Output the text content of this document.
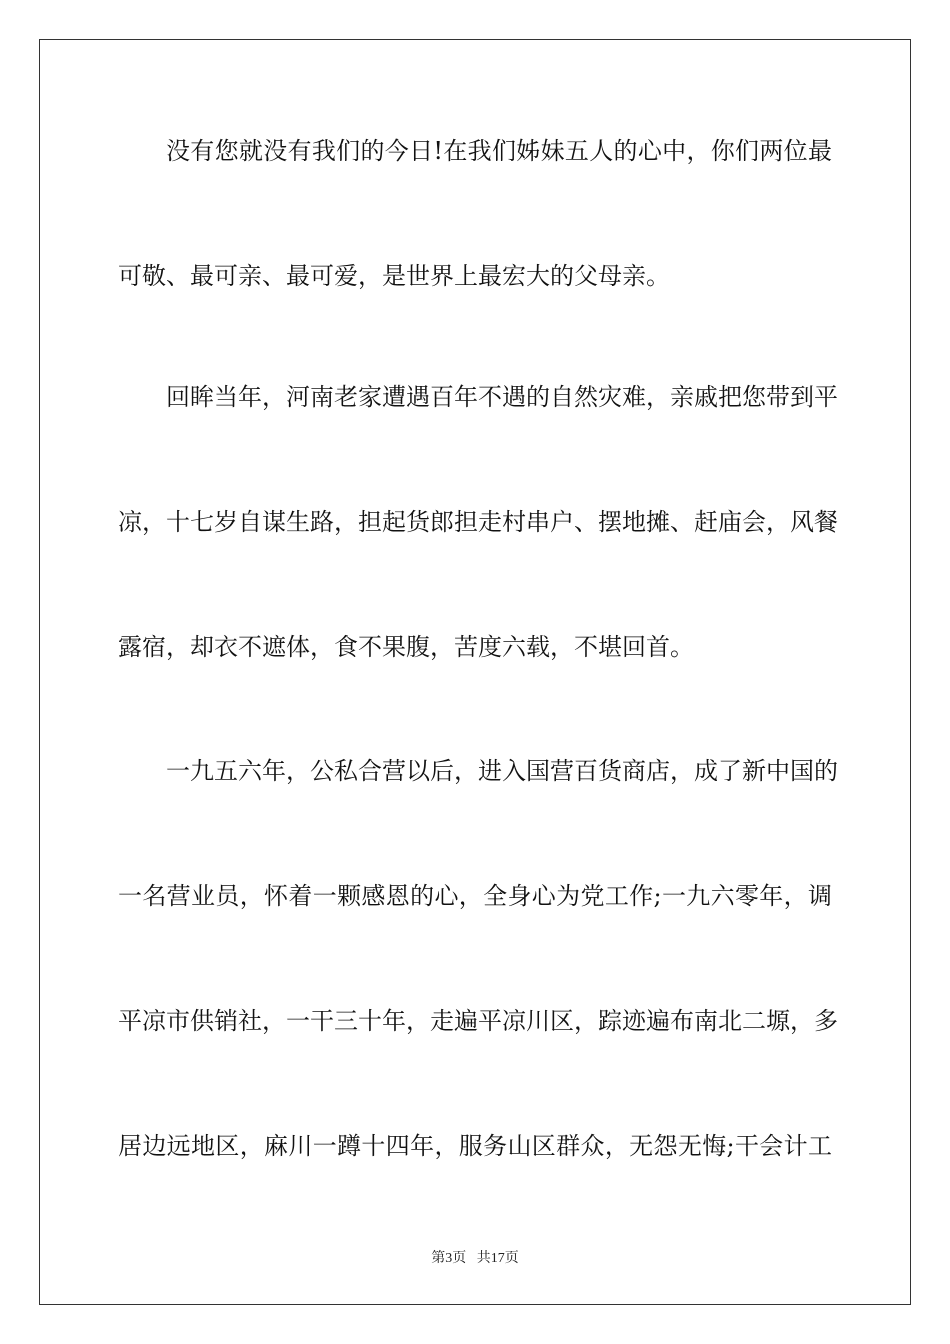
没有您就没有我们的今日!在我们姊妹五人的心中，你们两位最
可敬、最可亲、最可爱，是世界上最宏大的父母亲。
回眸当年，河南老家遭遇百年不遇的自然灾难，亲戚把您带到平
凉，十七岁自谋生路，担起货郎担走村串户、摆地摊、赶庙会，风餐
露宿，却衣不遮体，食不果腹，苦度六载，不堪回首。
一九五六年，公私合营以后，进入国营百货商店，成了新中国的
一名营业员，怀着一颗感恩的心，全身心为党工作;一九六零年，调
平凉市供销社，一干三十年，走遍平凉川区，踪迹遍布南北二塬，多
居边远地区，麻川一蹲十四年，服务山区群众，无怨无悔;干会计工
第3页 共17页
